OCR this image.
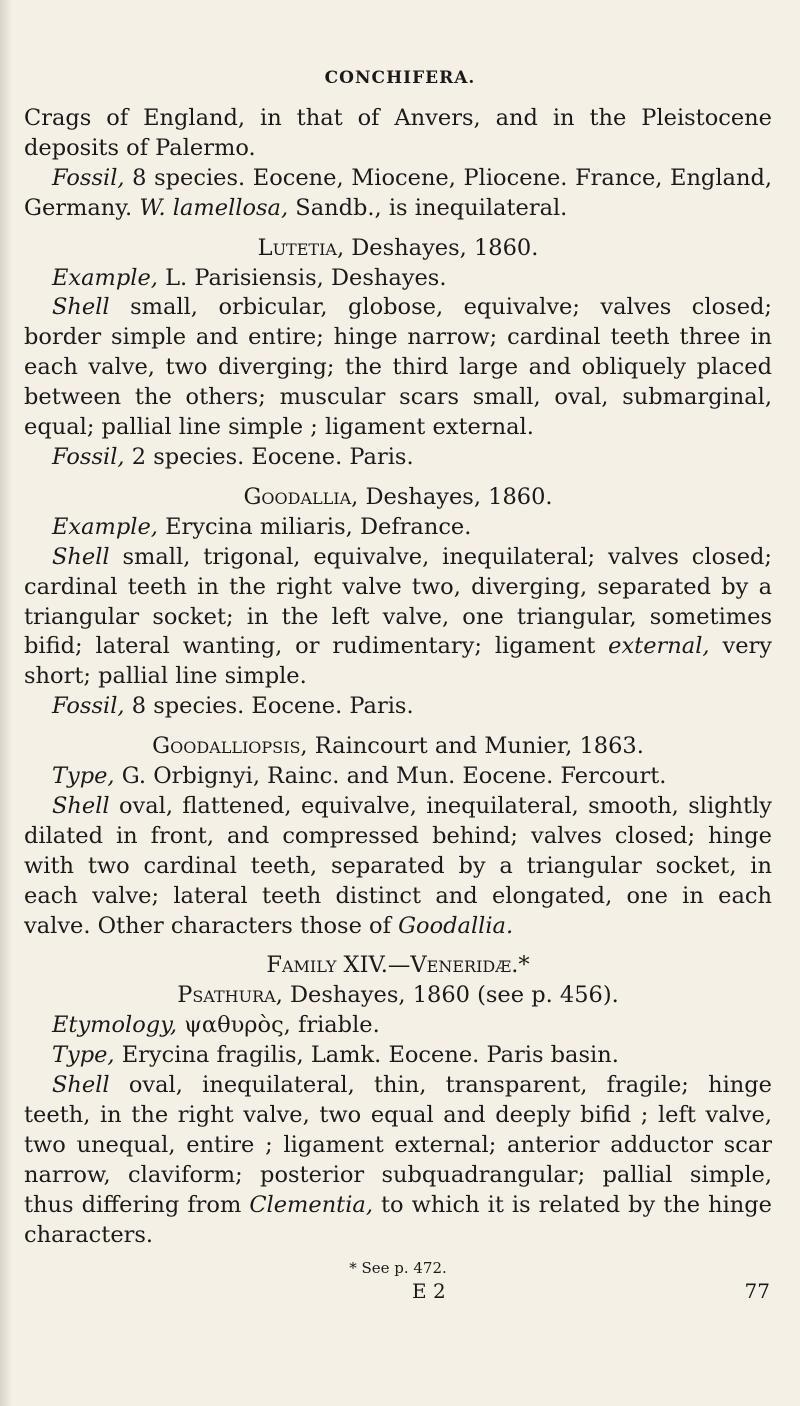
CONCHIFERA.

Crags of England, in that of Anvers, and in the Pleistocene deposits of Palermo.

Fossil, 8 species. Eocene, Miocene, Pliocene. France, England, Germany. W. lamellosa, Sandb., is inequilateral.

Lutetia, Deshayes, 1860.

Example, L. Parisiensis, Deshayes.

Shell small, orbicular, globose, equivalve; valves closed; border simple and entire; hinge narrow; cardinal teeth three in each valve, two diverging; the third large and obliquely placed between the others; muscular scars small, oval, submarginal, equal; pallial line simple ; ligament external.

Fossil, 2 species. Eocene. Paris.

Goodallia, Deshayes, 1860.

Example, Erycina miliaris, Defrance.

Shell small, trigonal, equivalve, inequilateral; valves closed; cardinal teeth in the right valve two, diverging, separated by a triangular socket; in the left valve, one triangular, sometimes bifid; lateral wanting, or rudimentary; ligament external, very short; pallial line simple.

Fossil, 8 species. Eocene. Paris.

Goodalliopsis, Raincourt and Munier, 1863.

Type, G. Orbignyi, Rainc. and Mun. Eocene. Fercourt.

Shell oval, flattened, equivalve, inequilateral, smooth, slightly dilated in front, and compressed behind; valves closed; hinge with two cardinal teeth, separated by a triangular socket, in each valve; lateral teeth distinct and elongated, one in each valve. Other characters those of Goodallia.

Family XIV.—Veneridæ.*

Psathura, Deshayes, 1860 (see p. 456).

Etymology, ψαθυρὸς, friable.

Type, Erycina fragilis, Lamk. Eocene. Paris basin.

Shell oval, inequilateral, thin, transparent, fragile; hinge teeth, in the right valve, two equal and deeply bifid ; left valve, two unequal, entire ; ligament external; anterior adductor scar narrow, claviform; posterior subquadrangular; pallial simple, thus differing from Clementia, to which it is related by the hinge characters.

* See p. 472.
E 2	77
